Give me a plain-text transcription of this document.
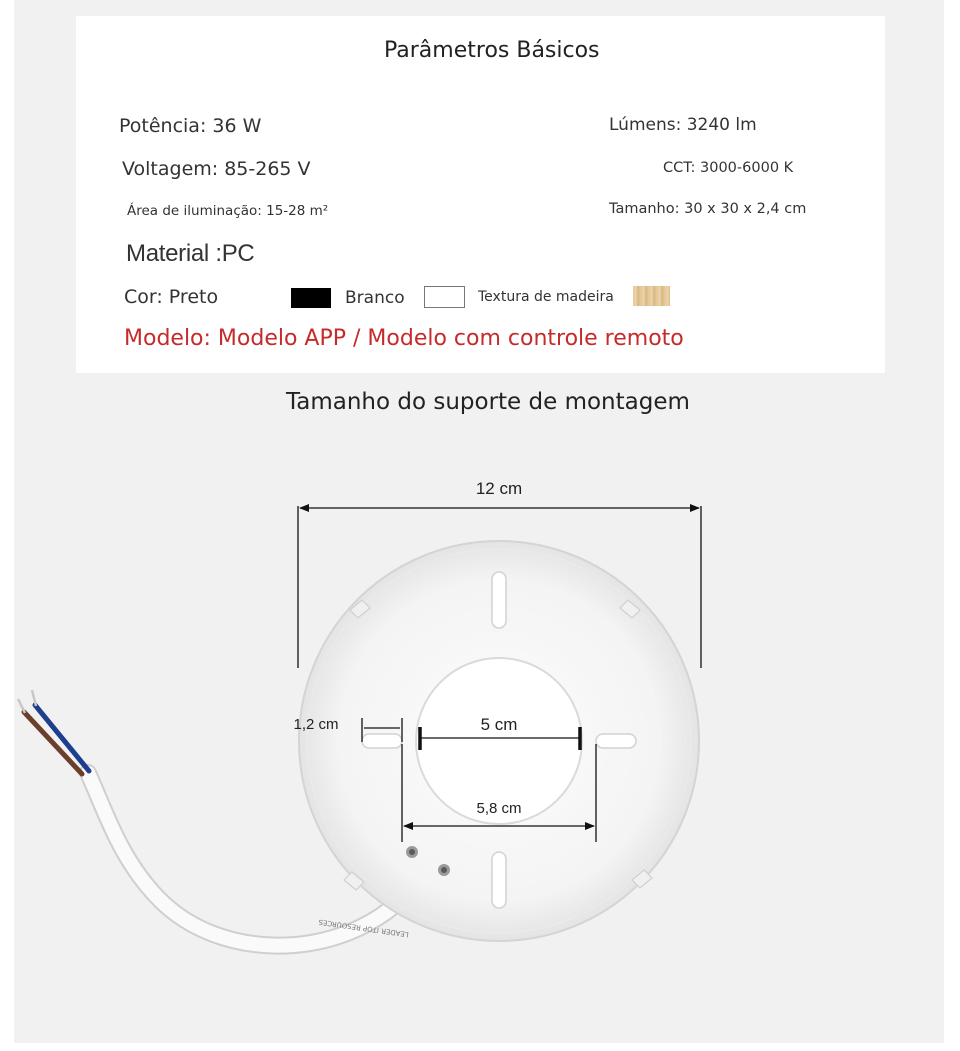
Parâmetros Básicos
Potência: 36 W
Voltagem: 85-265 V
Área de iluminação: 15-28 m²
Material :PC
Lúmens: 3240 lm
CCT: 3000-6000 K
Tamanho: 30 x 30 x 2,4 cm
Cor: Preto	Branco	Textura de madeira
Modelo: Modelo APP / Modelo com controle remoto
Tamanho do suporte de montagem
12 cm
1,2 cm	5 cm
5,8 cm
LEADER ITOP RESOURCES
